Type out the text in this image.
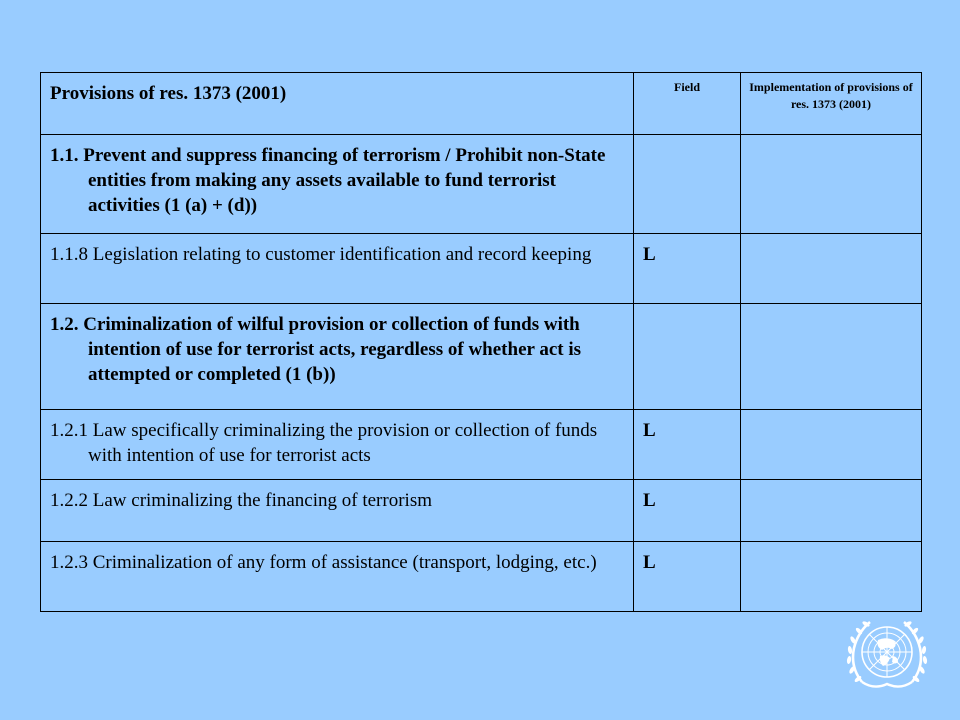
Provisions of res. 1373 (2001)	Field	Implementation of provisions of res. 1373 (2001)

1.1. Prevent and suppress financing of terrorism / Prohibit non-State entities from making any assets available to fund terrorist activities (1 (a) + (d))		

1.1.8 Legislation relating to customer identification and record keeping	L	

1.2. Criminalization of wilful provision or collection of funds with intention of use for terrorist acts, regardless of whether act is attempted or completed (1 (b))		

1.2.1 Law specifically criminalizing the provision or collection of funds with intention of use for terrorist acts	L	

1.2.2 Law criminalizing the financing of terrorism	L	

1.2.3 Criminalization of any form of assistance (transport, lodging, etc.)	L	
